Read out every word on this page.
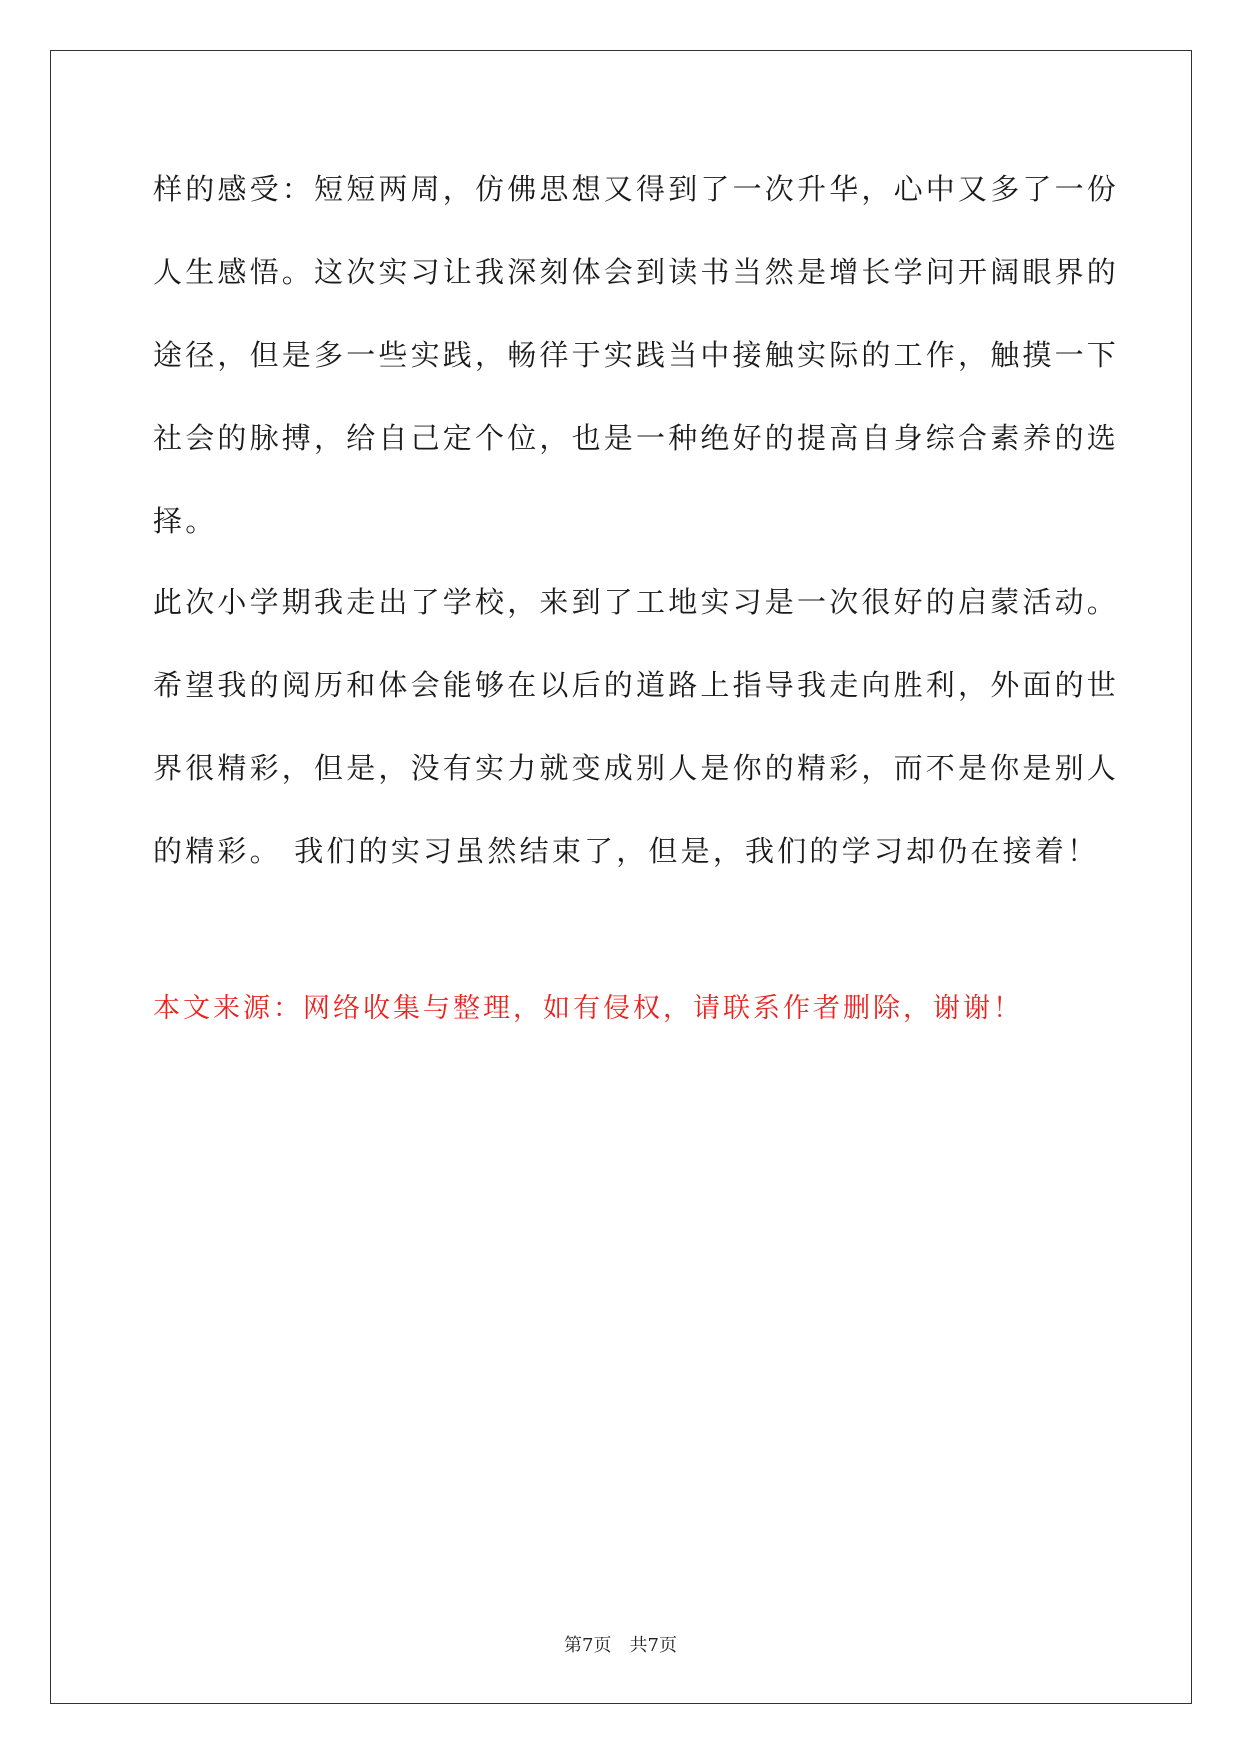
样的感受：短短两周，仿佛思想又得到了一次升华，心中又多了一份
人生感悟。这次实习让我深刻体会到读书当然是增长学问开阔眼界的
途径，但是多一些实践，畅徉于实践当中接触实际的工作，触摸一下
社会的脉搏，给自己定个位，也是一种绝好的提高自身综合素养的选
择。
此次小学期我走出了学校，来到了工地实习是一次很好的启蒙活动。
希望我的阅历和体会能够在以后的道路上指导我走向胜利，外面的世
界很精彩，但是，没有实力就变成别人是你的精彩，而不是你是别人
的精彩。 我们的实习虽然结束了，但是，我们的学习却仍在接着！
本文来源：网络收集与整理，如有侵权，请联系作者删除，谢谢！
第7页　共7页
